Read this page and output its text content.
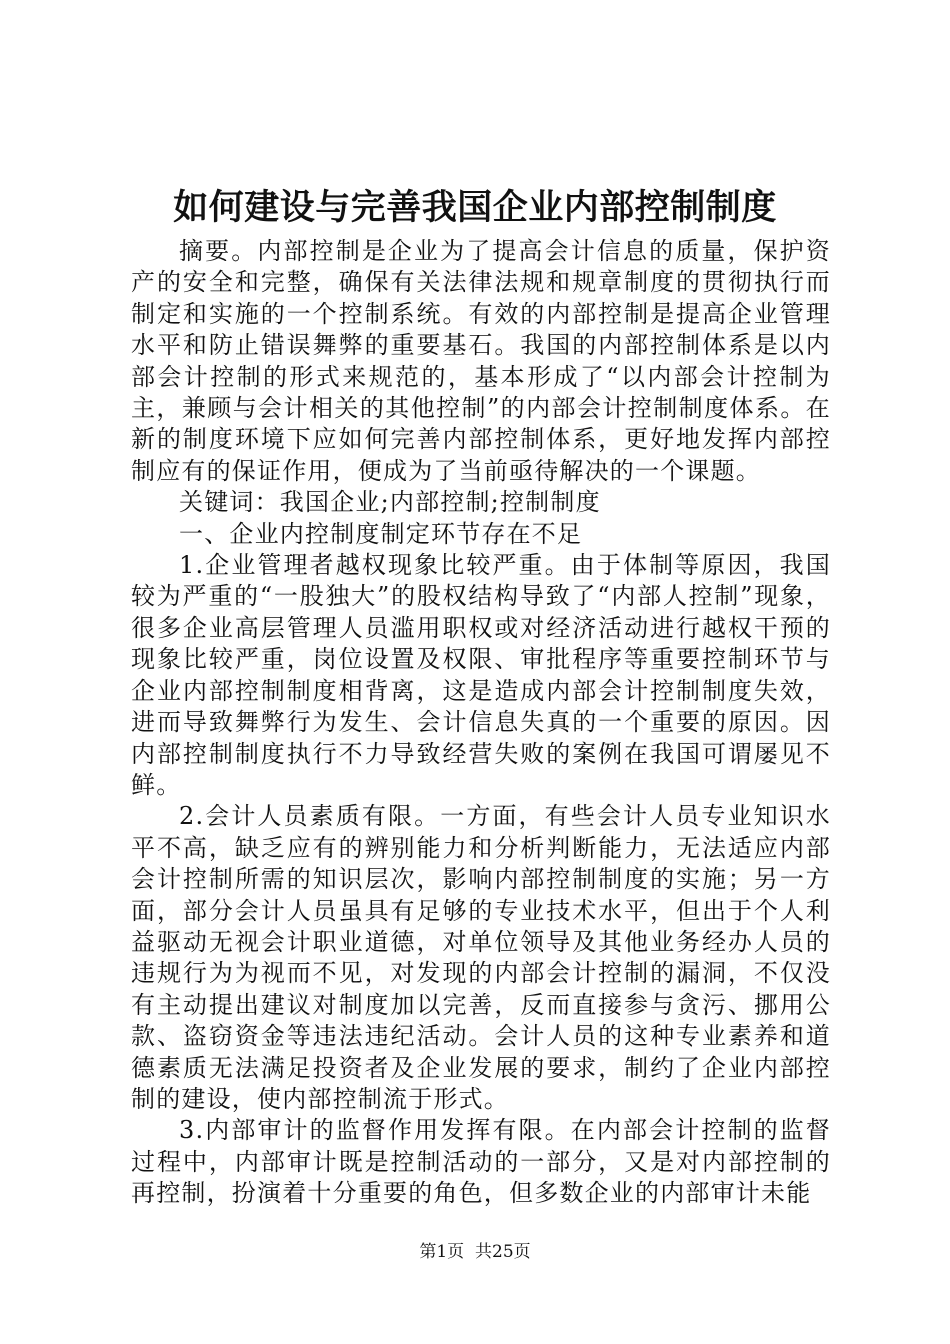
如何建设与完善我国企业内部控制制度

摘要。内部控制是企业为了提高会计信息的质量，保护资产的安全和完整，确保有关法律法规和规章制度的贯彻执行而制定和实施的一个控制系统。有效的内部控制是提高企业管理水平和防止错误舞弊的重要基石。我国的内部控制体系是以内部会计控制的形式来规范的，基本形成了“以内部会计控制为主，兼顾与会计相关的其他控制”的内部会计控制制度体系。在新的制度环境下应如何完善内部控制体系，更好地发挥内部控制应有的保证作用，便成为了当前亟待解决的一个课题。

关键词：我国企业;内部控制;控制制度

一、企业内控制度制定环节存在不足

1.企业管理者越权现象比较严重。由于体制等原因，我国较为严重的“一股独大”的股权结构导致了“内部人控制”现象，很多企业高层管理人员滥用职权或对经济活动进行越权干预的现象比较严重，岗位设置及权限、审批程序等重要控制环节与企业内部控制制度相背离，这是造成内部会计控制制度失效，进而导致舞弊行为发生、会计信息失真的一个重要的原因。因内部控制制度执行不力导致经营失败的案例在我国可谓屡见不鲜。

2.会计人员素质有限。一方面，有些会计人员专业知识水平不高，缺乏应有的辨别能力和分析判断能力，无法适应内部会计控制所需的知识层次，影响内部控制制度的实施；另一方面，部分会计人员虽具有足够的专业技术水平，但出于个人利益驱动无视会计职业道德，对单位领导及其他业务经办人员的违规行为为视而不见，对发现的内部会计控制的漏洞，不仅没有主动提出建议对制度加以完善，反而直接参与贪污、挪用公款、盗窃资金等违法违纪活动。会计人员的这种专业素养和道德素质无法满足投资者及企业发展的要求，制约了企业内部控制的建设，使内部控制流于形式。

3.内部审计的监督作用发挥有限。在内部会计控制的监督过程中，内部审计既是控制活动的一部分，又是对内部控制的再控制，扮演着十分重要的角色，但多数企业的内部审计未能

第1页 共25页
